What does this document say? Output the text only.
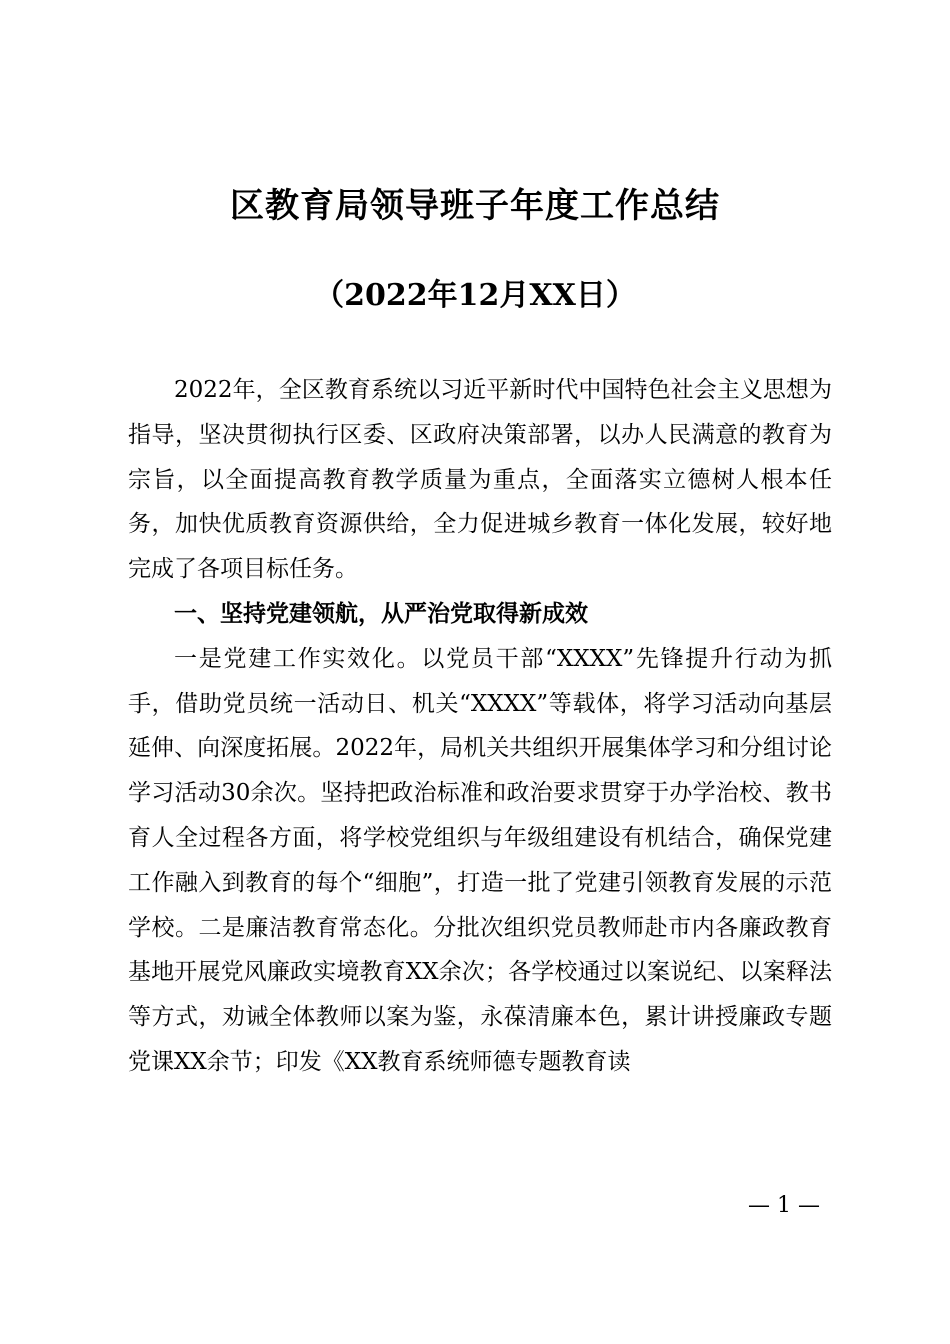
区教育局领导班子年度工作总结
（2022年12月XX日）

2022年，全区教育系统以习近平新时代中国特色社会主义思想为指导，坚决贯彻执行区委、区政府决策部署，以办人民满意的教育为宗旨，以全面提高教育教学质量为重点，全面落实立德树人根本任务，加快优质教育资源供给，全力促进城乡教育一体化发展，较好地完成了各项目标任务。

一、坚持党建领航，从严治党取得新成效

一是党建工作实效化。以党员干部“XXXX”先锋提升行动为抓手，借助党员统一活动日、机关“XXXX”等载体，将学习活动向基层延伸、向深度拓展。2022年，局机关共组织开展集体学习和分组讨论学习活动30余次。坚持把政治标准和政治要求贯穿于办学治校、教书育人全过程各方面，将学校党组织与年级组建设有机结合，确保党建工作融入到教育的每个“细胞”，打造一批了党建引领教育发展的示范学校。二是廉洁教育常态化。分批次组织党员教师赴市内各廉政教育基地开展党风廉政实境教育XX余次；各学校通过以案说纪、以案释法等方式，劝诫全体教师以案为鉴，永葆清廉本色，累计讲授廉政专题党课XX余节；印发《XX教育系统师德专题教育读

— 1 —
